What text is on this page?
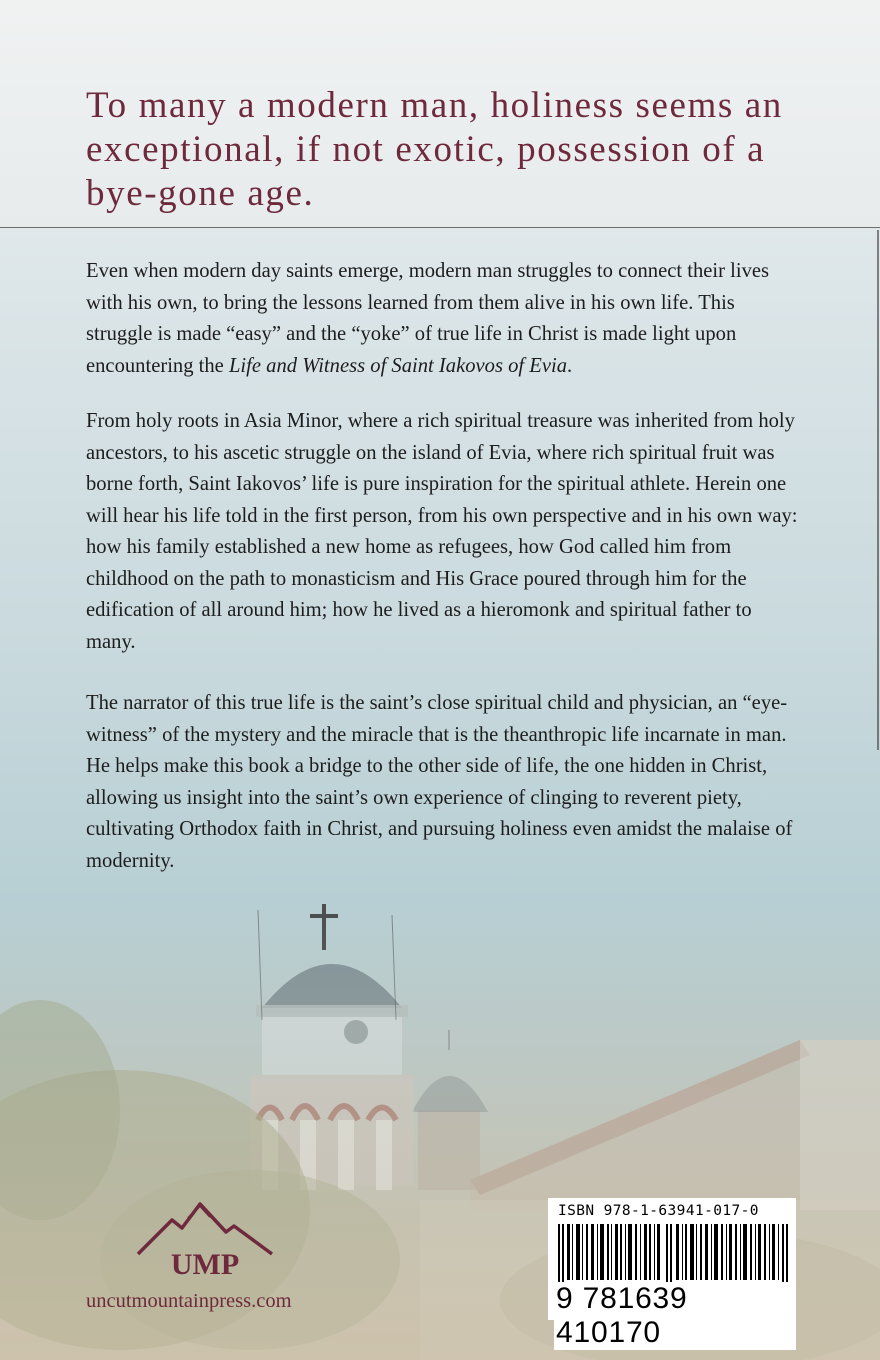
To many a modern man, holiness seems an exceptional, if not exotic, possession of a bye-gone age.

Even when modern day saints emerge, modern man struggles to connect their lives with his own, to bring the lessons learned from them alive in his own life. This struggle is made “easy” and the “yoke” of true life in Christ is made light upon encountering the Life and Witness of Saint Iakovos of Evia.

From holy roots in Asia Minor, where a rich spiritual treasure was inherited from holy ancestors, to his ascetic struggle on the island of Evia, where rich spiritual fruit was borne forth, Saint Iakovos’ life is pure inspiration for the spiritual athlete. Herein one will hear his life told in the first person, from his own perspective and in his own way: how his family established a new home as refugees, how God called him from childhood on the path to monasticism and His Grace poured through him for the edification of all around him; how he lived as a hieromonk and spiritual father to many.

The narrator of this true life is the saint’s close spiritual child and physician, an “eye-witness” of the mystery and the miracle that is the theanthropic life incarnate in man. He helps make this book a bridge to the other side of life, the one hidden in Christ, allowing us insight into the saint’s own experience of clinging to reverent piety, cultivating Orthodox faith in Christ, and pursuing holiness even amidst the malaise of modernity.

UMP
uncutmountainpress.com
ISBN 978-1-63941-017-0
9 781639 410170
